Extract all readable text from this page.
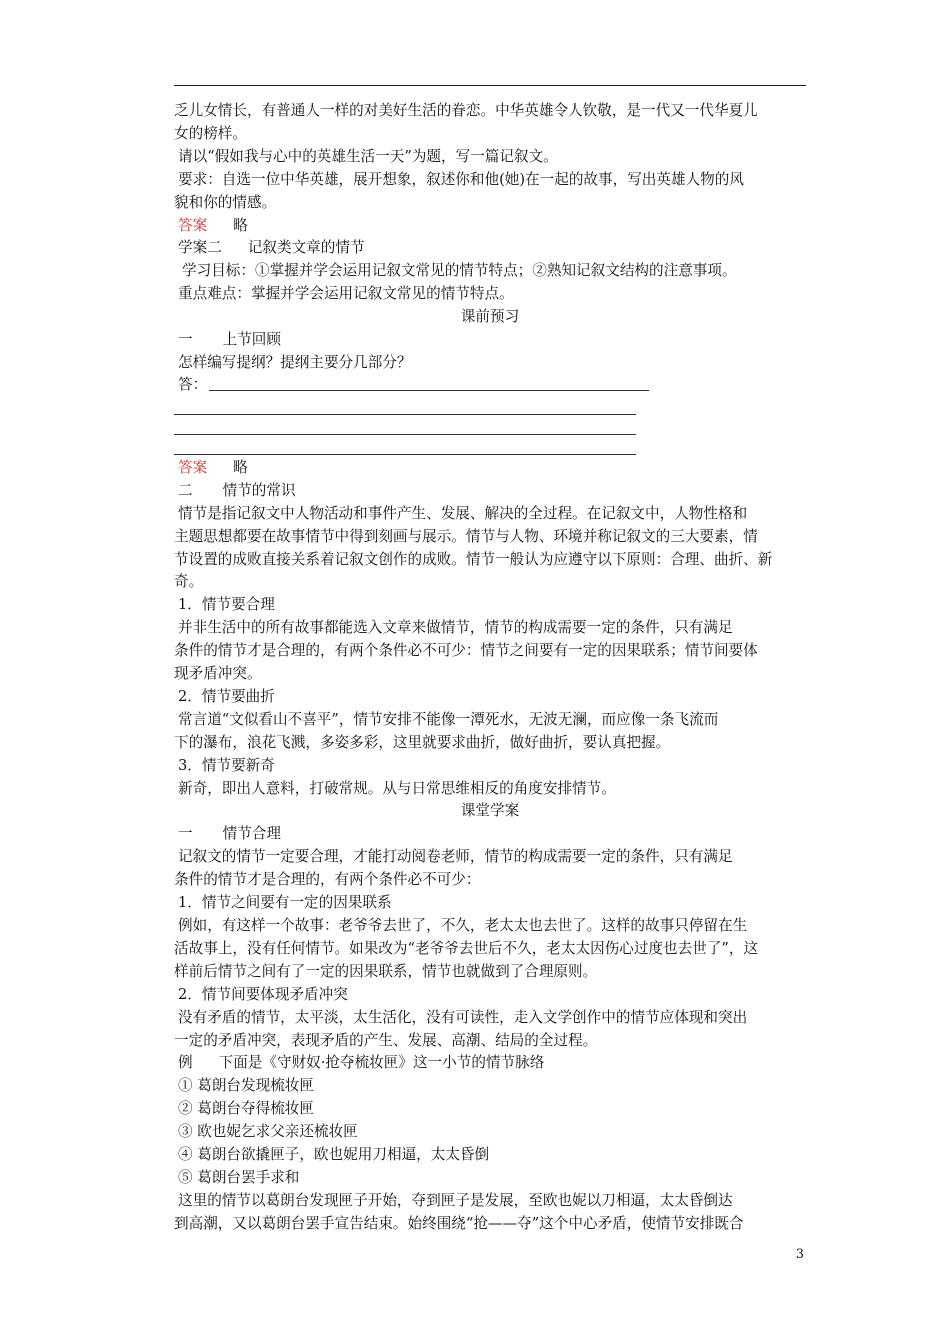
乏儿女情长，有普通人一样的对美好生活的眷恋。中华英雄令人钦敬，是一代又一代华夏儿
女的榜样。
请以“假如我与心中的英雄生活一天”为题，写一篇记叙文。
要求：自选一位中华英雄，展开想象，叙述你和他(她)在一起的故事，写出英雄人物的风
貌和你的情感。
答案 略
学案二 记叙类文章的情节
学习目标：①掌握并学会运用记叙文常见的情节特点；②熟知记叙文结构的注意事项。
重点难点：掌握并学会运用记叙文常见的情节特点。
课前预习
一 上节回顾
怎样编写提纲？提纲主要分几部分？
答：
答案 略
二 情节的常识
情节是指记叙文中人物活动和事件产生、发展、解决的全过程。在记叙文中，人物性格和
主题思想都要在故事情节中得到刻画与展示。情节与人物、环境并称记叙文的三大要素，情
节设置的成败直接关系着记叙文创作的成败。情节一般认为应遵守以下原则：合理、曲折、新
奇。
1．情节要合理
并非生活中的所有故事都能选入文章来做情节，情节的构成需要一定的条件，只有满足
条件的情节才是合理的，有两个条件必不可少：情节之间要有一定的因果联系；情节间要体
现矛盾冲突。
2．情节要曲折
常言道“文似看山不喜平”，情节安排不能像一潭死水，无波无澜，而应像一条飞流而
下的瀑布，浪花飞溅，多姿多彩，这里就要求曲折，做好曲折，要认真把握。
3．情节要新奇
新奇，即出人意料，打破常规。从与日常思维相反的角度安排情节。
课堂学案
一 情节合理
记叙文的情节一定要合理，才能打动阅卷老师，情节的构成需要一定的条件，只有满足
条件的情节才是合理的，有两个条件必不可少：
1．情节之间要有一定的因果联系
例如，有这样一个故事：老爷爷去世了，不久，老太太也去世了。这样的故事只停留在生
活故事上，没有任何情节。如果改为“老爷爷去世后不久，老太太因伤心过度也去世了”，这
样前后情节之间有了一定的因果联系，情节也就做到了合理原则。
2．情节间要体现矛盾冲突
没有矛盾的情节，太平淡，太生活化，没有可读性，走入文学创作中的情节应体现和突出
一定的矛盾冲突，表现矛盾的产生、发展、高潮、结局的全过程。
例 下面是《守财奴·抢夺梳妆匣》这一小节的情节脉络
① 葛朗台发现梳妆匣
② 葛朗台夺得梳妆匣
③ 欧也妮乞求父亲还梳妆匣
④ 葛朗台欲撬匣子，欧也妮用刀相逼，太太昏倒
⑤ 葛朗台罢手求和
这里的情节以葛朗台发现匣子开始，夺到匣子是发展，至欧也妮以刀相逼，太太昏倒达
到高潮，又以葛朗台罢手宣告结束。始终围绕“抢——夺”这个中心矛盾，使情节安排既合
3
